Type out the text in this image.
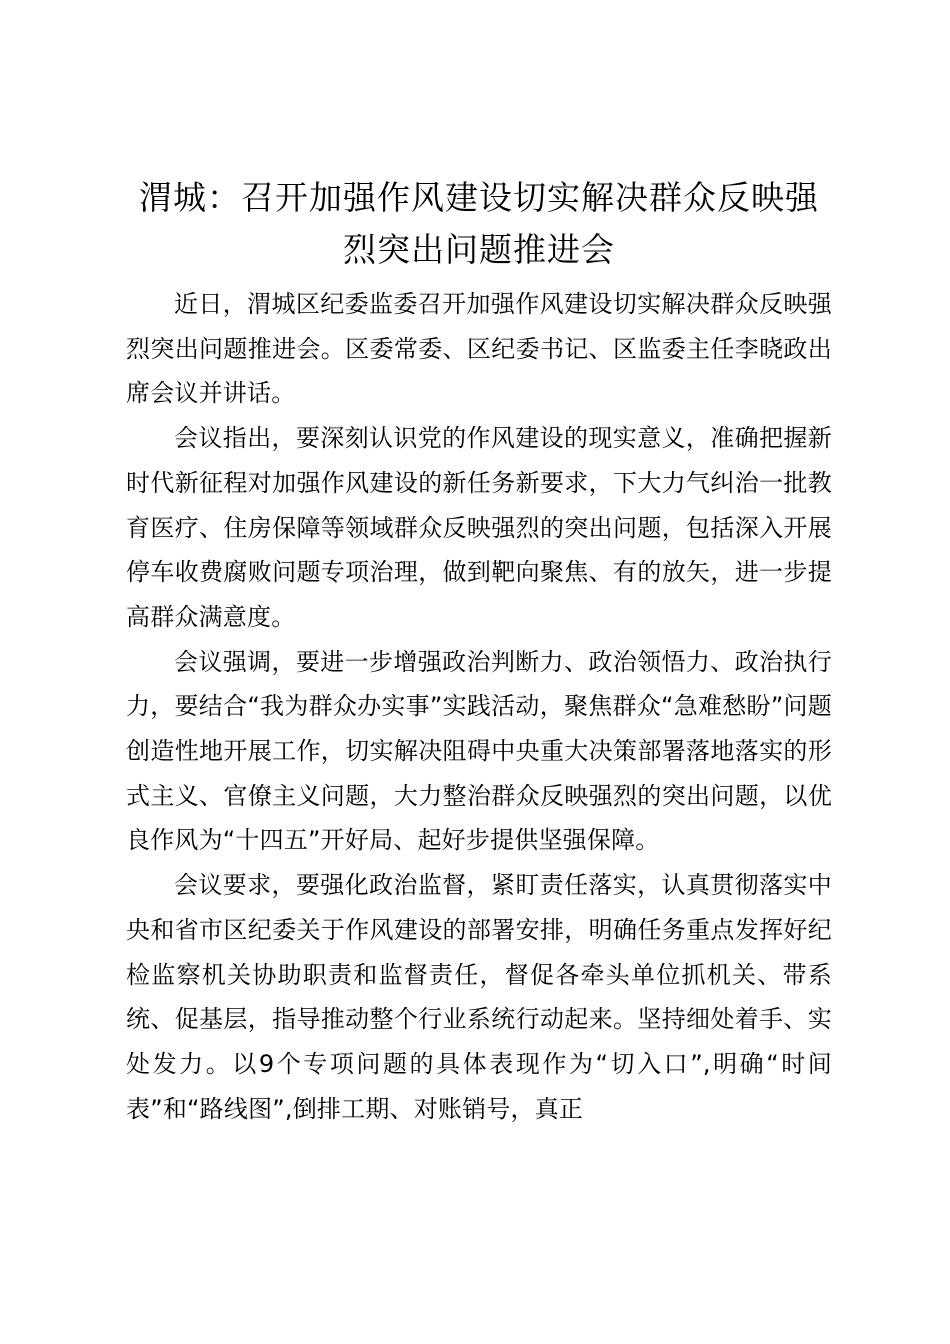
渭城：召开加强作风建设切实解决群众反映强烈突出问题推进会

近日，渭城区纪委监委召开加强作风建设切实解决群众反映强烈突出问题推进会。区委常委、区纪委书记、区监委主任李晓政出席会议并讲话。

会议指出，要深刻认识党的作风建设的现实意义，准确把握新时代新征程对加强作风建设的新任务新要求，下大力气纠治一批教育医疗、住房保障等领域群众反映强烈的突出问题，包括深入开展停车收费腐败问题专项治理，做到靶向聚焦、有的放矢，进一步提高群众满意度。

会议强调，要进一步增强政治判断力、政治领悟力、政治执行力，要结合“我为群众办实事”实践活动，聚焦群众“急难愁盼”问题创造性地开展工作，切实解决阻碍中央重大决策部署落地落实的形式主义、官僚主义问题，大力整治群众反映强烈的突出问题，以优良作风为“十四五”开好局、起好步提供坚强保障。

会议要求，要强化政治监督，紧盯责任落实，认真贯彻落实中央和省市区纪委关于作风建设的部署安排，明确任务重点发挥好纪检监察机关协助职责和监督责任，督促各牵头单位抓机关、带系统、促基层，指导推动整个行业系统行动起来。坚持细处着手、实处发力。以9个专项问题的具体表现作为“切入口”,明确“时间表”和“路线图”,倒排工期、对账销号，真正
